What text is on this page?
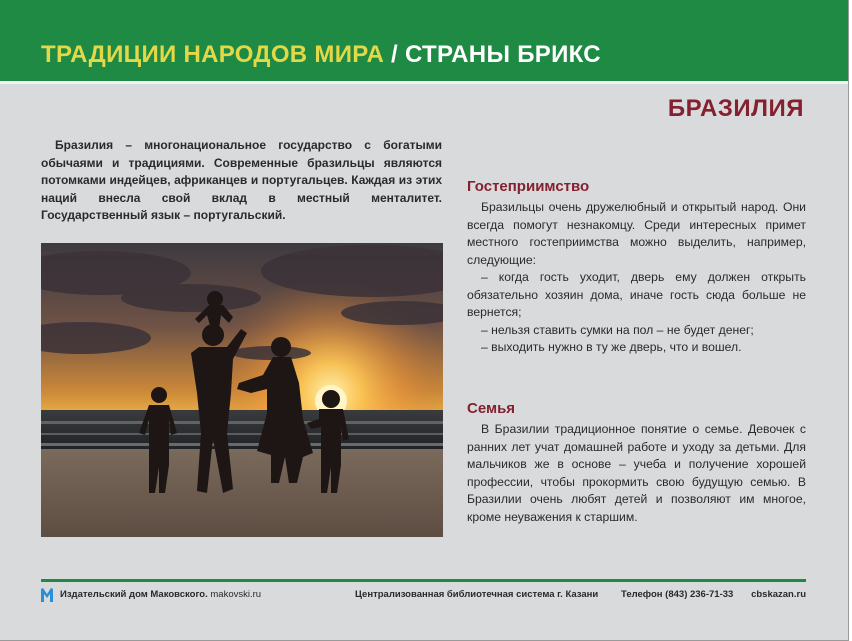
ТРАДИЦИИ НАРОДОВ МИРА / СТРАНЫ БРИКС
БРАЗИЛИЯ

Бразилия – многонациональное государство с богатыми обычаями и традициями. Современные бразильцы являются потомками индейцев, африканцев и португальцев. Каждая из этих наций внесла свой вклад в местный менталитет. Государственный язык – португальский.

Гостеприимство

Бразильцы очень дружелюбный и открытый народ. Они всегда помогут незнакомцу. Среди интересных примет местного гостеприимства можно выделить, например, следующие:

– когда гость уходит, дверь ему должен открыть обязательно хозяин дома, иначе гость сюда больше не вернется;

– нельзя ставить сумки на пол – не будет денег;

– выходить нужно в ту же дверь, что и вошел.

Семья

В Бразилии традиционное понятие о семье. Девочек с ранних лет учат домашней работе и уходу за детьми. Для мальчиков же в основе – учеба и получение хорошей профессии, чтобы прокормить свою будущую семью. В Бразилии очень любят детей и позволяют им многое, кроме неуважения к старшим.

Издательский дом Маковского. makovski.ru	Централизованная библиотечная система г. Казани Телефон (843) 236-71-33 cbskazan.ru
